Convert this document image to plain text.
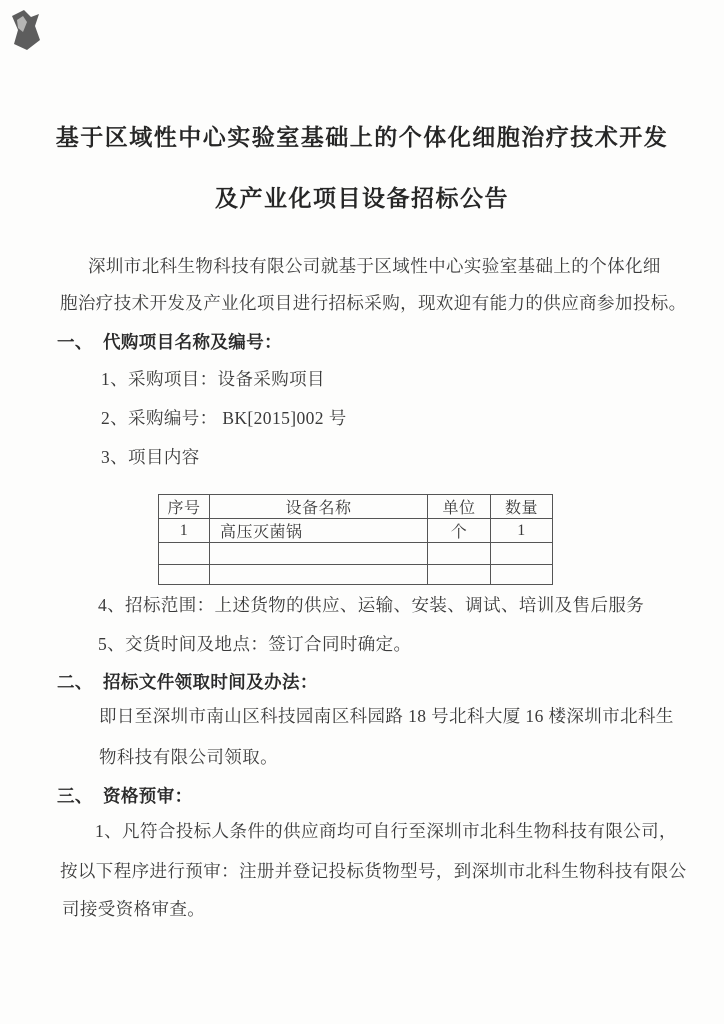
基于区域性中心实验室基础上的个体化细胞治疗技术开发
及产业化项目设备招标公告
深圳市北科生物科技有限公司就基于区域性中心实验室基础上的个体化细
胞治疗技术开发及产业化项目进行招标采购，现欢迎有能力的供应商参加投标。
一、 代购项目名称及编号：
1、采购项目：设备采购项目
2、采购编号： BK[2015]002 号
3、项目内容
序号	设备名称	单位	数量
1	高压灭菌锅	个	1

4、招标范围：上述货物的供应、运输、安装、调试、培训及售后服务
5、交货时间及地点：签订合同时确定。
二、 招标文件领取时间及办法：
即日至深圳市南山区科技园南区科园路 18 号北科大厦 16 楼深圳市北科生
物科技有限公司领取。
三、 资格预审：
1、凡符合投标人条件的供应商均可自行至深圳市北科生物科技有限公司，
按以下程序进行预审：注册并登记投标货物型号，到深圳市北科生物科技有限公
司接受资格审查。
